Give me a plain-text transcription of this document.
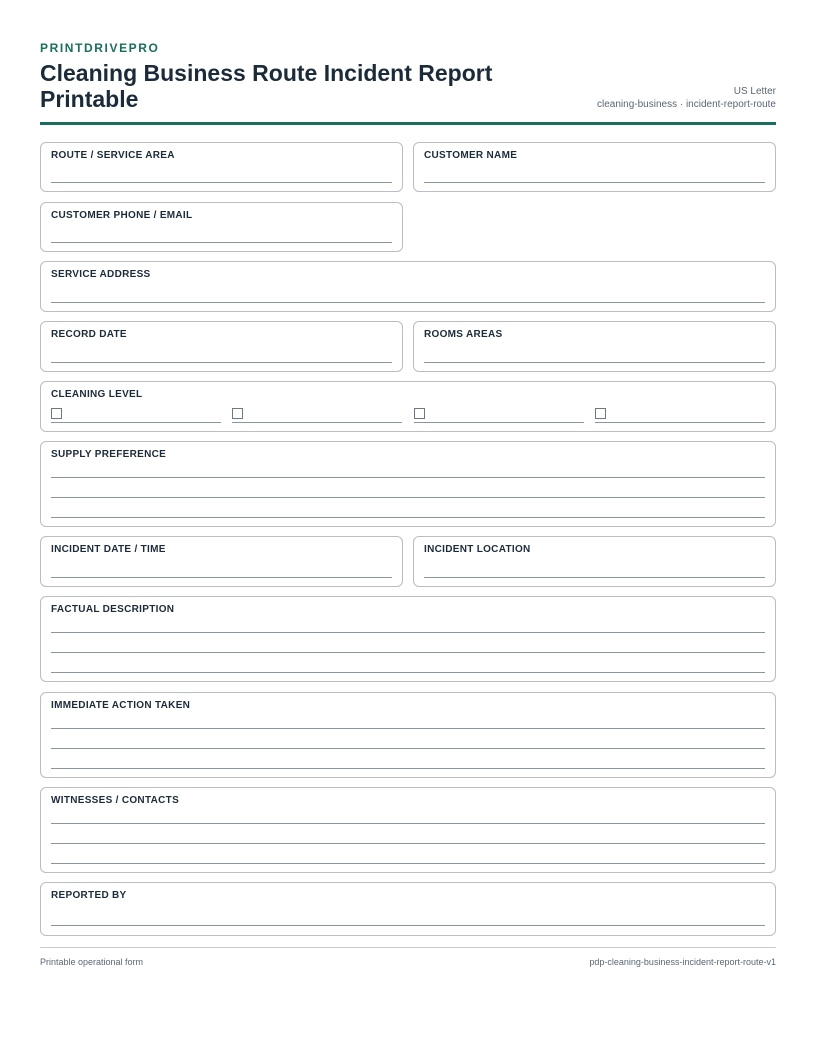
PRINTDRIVEPRO
Cleaning Business Route Incident Report Printable	US Letter
cleaning-business · incident-report-route
ROUTE / SERVICE AREA	CUSTOMER NAME
CUSTOMER PHONE / EMAIL
SERVICE ADDRESS
RECORD DATE	ROOMS AREAS
CLEANING LEVEL
SUPPLY PREFERENCE
INCIDENT DATE / TIME	INCIDENT LOCATION
FACTUAL DESCRIPTION
IMMEDIATE ACTION TAKEN
WITNESSES / CONTACTS
REPORTED BY
Printable operational form	pdp-cleaning-business-incident-report-route-v1
